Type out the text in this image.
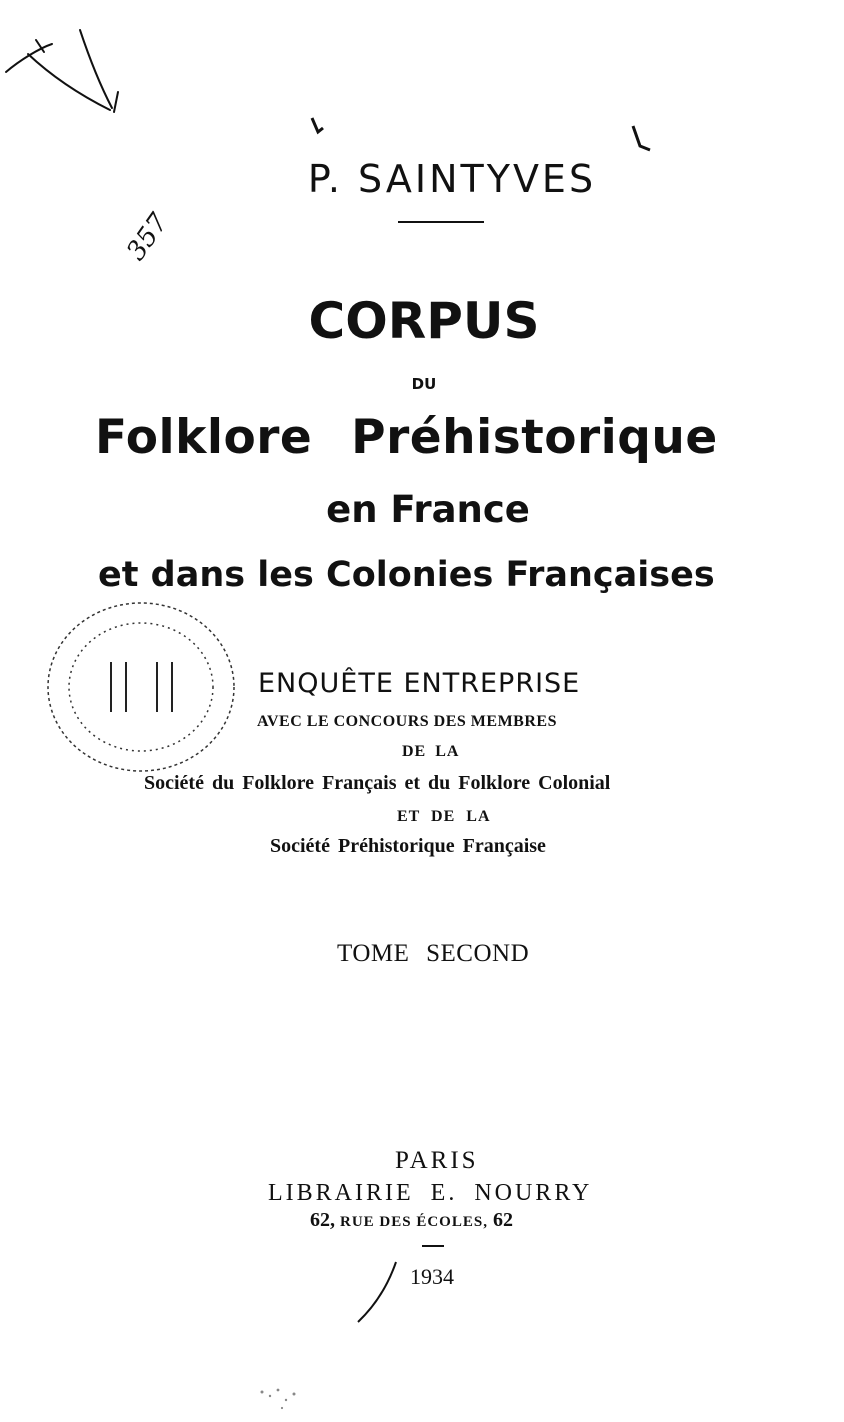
357
P. SAINTYVES
CORPUS
DU
Folklore Préhistorique
en France
et dans les Colonies Françaises
ENQUÊTE ENTREPRISE
AVEC LE CONCOURS DES MEMBRES
DE LA
Société du Folklore Français et du Folklore Colonial
ET DE LA
Société Préhistorique Française
TOME SECOND
PARIS
LIBRAIRIE E. NOURRY
62, RUE DES ÉCOLES, 62
1934
